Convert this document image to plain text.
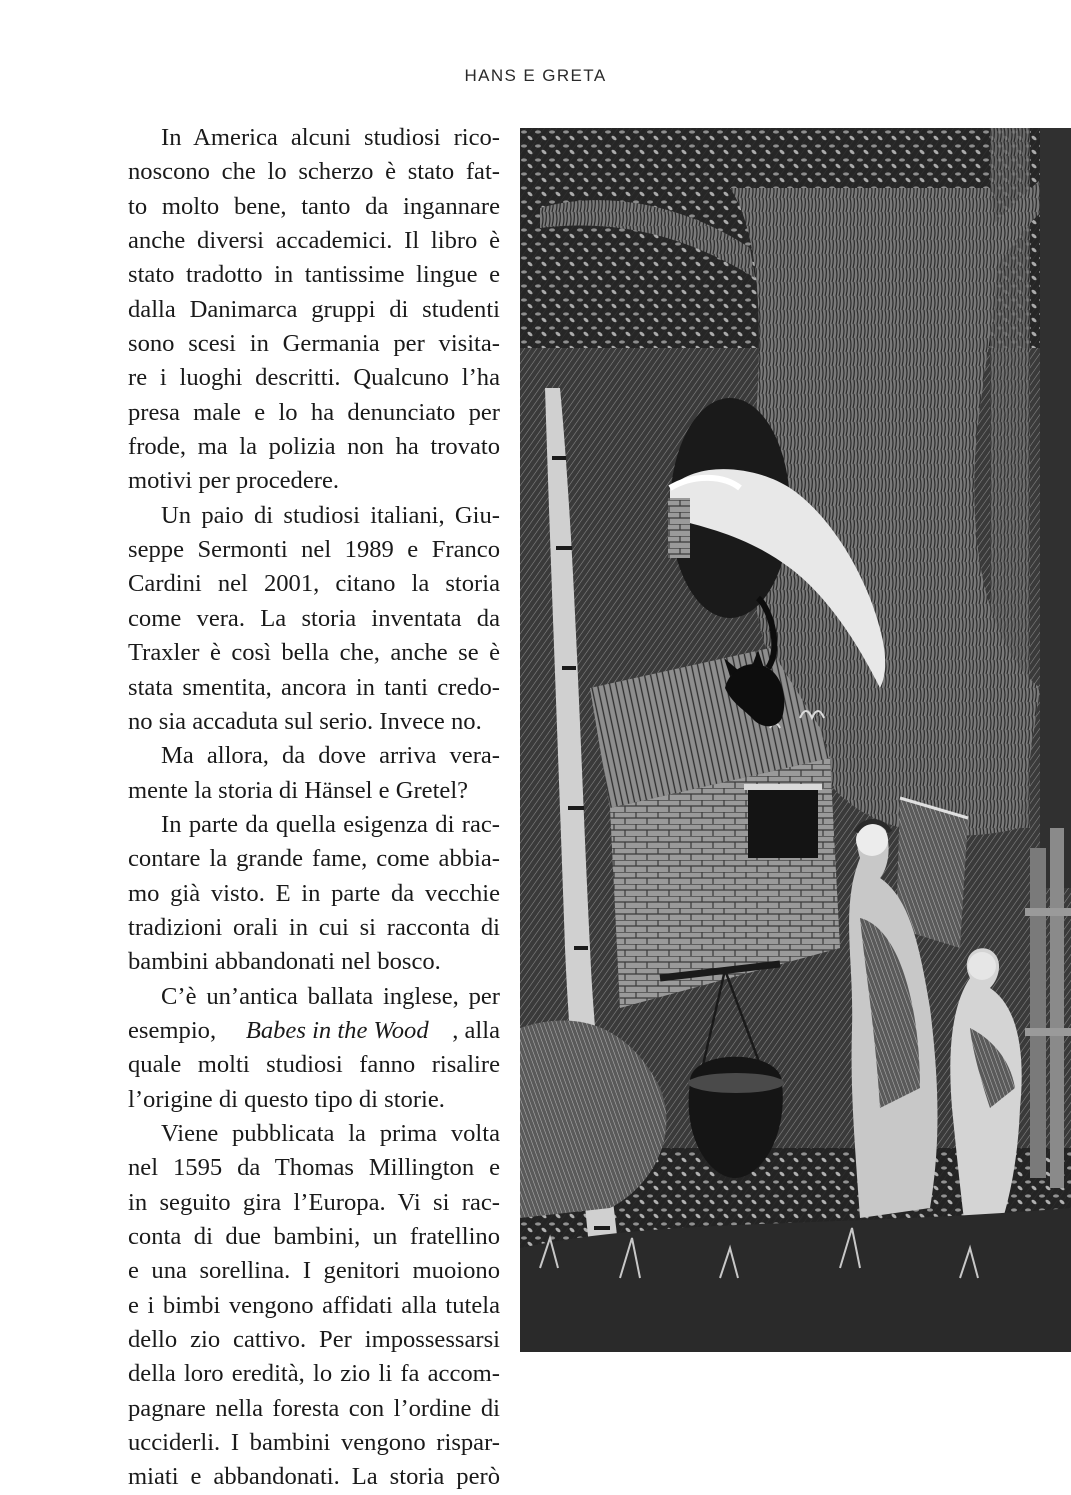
HANS E GRETA
In America alcuni studiosi rico-
noscono che lo scherzo è stato fat-
to molto bene, tanto da ingannare
anche diversi accademici. Il libro è
stato tradotto in tantissime lingue e
dalla Danimarca gruppi di studenti
sono scesi in Germania per visita-
re i luoghi descritti. Qualcuno l’ha
presa male e lo ha denunciato per
frode, ma la polizia non ha trovato
motivi per procedere.
Un paio di studiosi italiani, Giu-
seppe Sermonti nel 1989 e Franco
Cardini nel 2001, citano la storia
come vera. La storia inventata da
Traxler è così bella che, anche se è
stata smentita, ancora in tanti credo-
no sia accaduta sul serio. Invece no.
Ma allora, da dove arriva vera-
mente la storia di Hänsel e Gretel?
In parte da quella esigenza di rac-
contare la grande fame, come abbia-
mo già visto. E in parte da vecchie
tradizioni orali in cui si racconta di
bambini abbandonati nel bosco.
C’è un’antica ballata inglese, per
esempio, Babes in the Wood , alla
quale molti studiosi fanno risalire
l’origine di questo tipo di storie.
Viene pubblicata la prima volta
nel 1595 da Thomas Millington e
in seguito gira l’Europa. Vi si rac-
conta di due bambini, un fratellino
e una sorellina. I genitori muoiono
e i bimbi vengono affidati alla tutela
dello zio cattivo. Per impossessarsi
della loro eredità, lo zio li fa accom-
pagnare nella foresta con l’ordine di
ucciderli. I bambini vengono rispar-
miati e abbandonati. La storia però
